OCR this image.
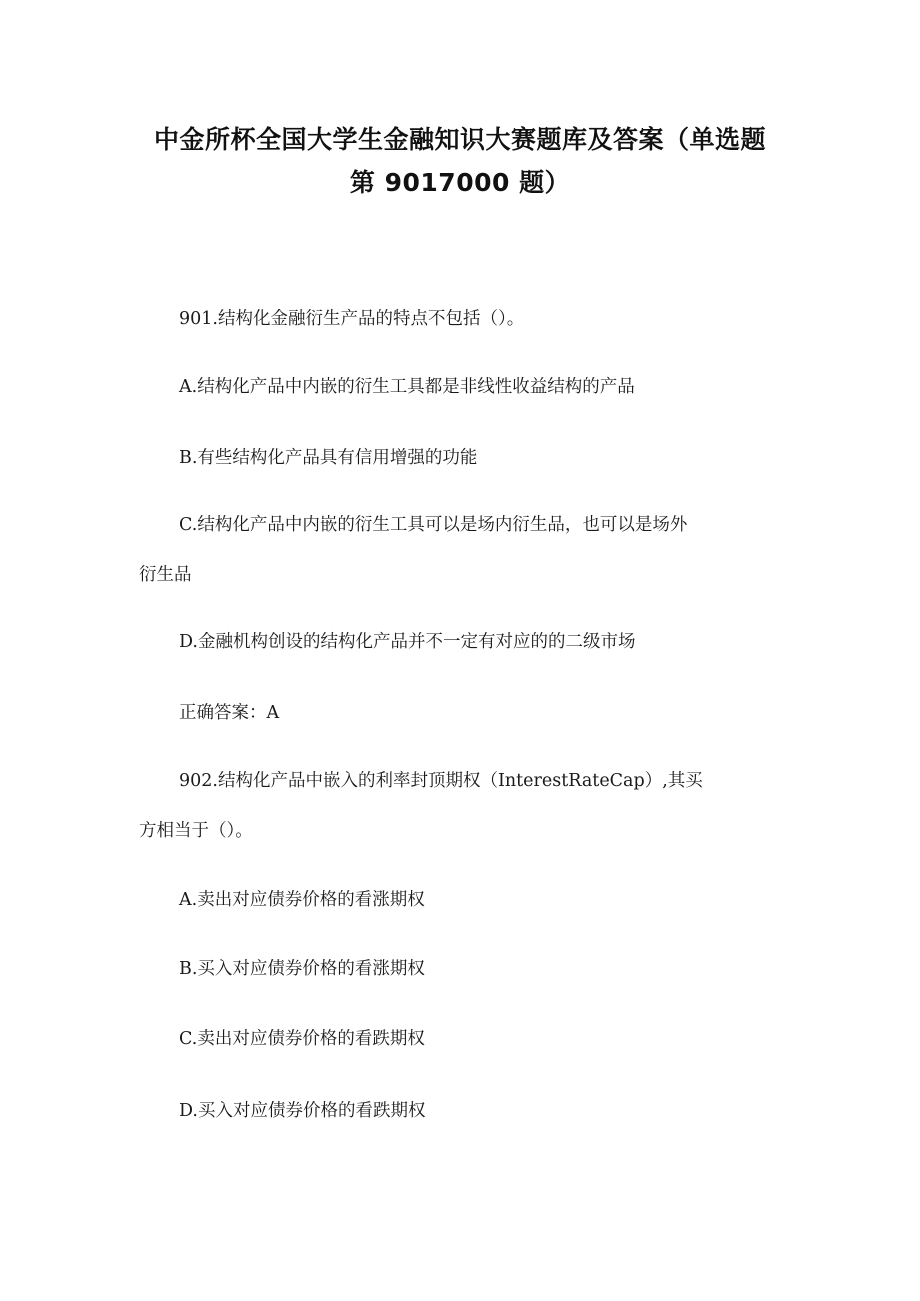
中金所杯全国大学生金融知识大赛题库及答案（单选题
第 9017000 题）
901.结构化金融衍生产品的特点不包括（）。
A.结构化产品中内嵌的衍生工具都是非线性收益结构的产品
B.有些结构化产品具有信用增强的功能
C.结构化产品中内嵌的衍生工具可以是场内衍生品，也可以是场外
衍生品
D.金融机构创设的结构化产品并不一定有对应的的二级市场
正确答案：A
902.结构化产品中嵌入的利率封顶期权（InterestRateCap）,其买
方相当于（）。
A.卖出对应债券价格的看涨期权
B.买入对应债券价格的看涨期权
C.卖出对应债券价格的看跌期权
D.买入对应债券价格的看跌期权
